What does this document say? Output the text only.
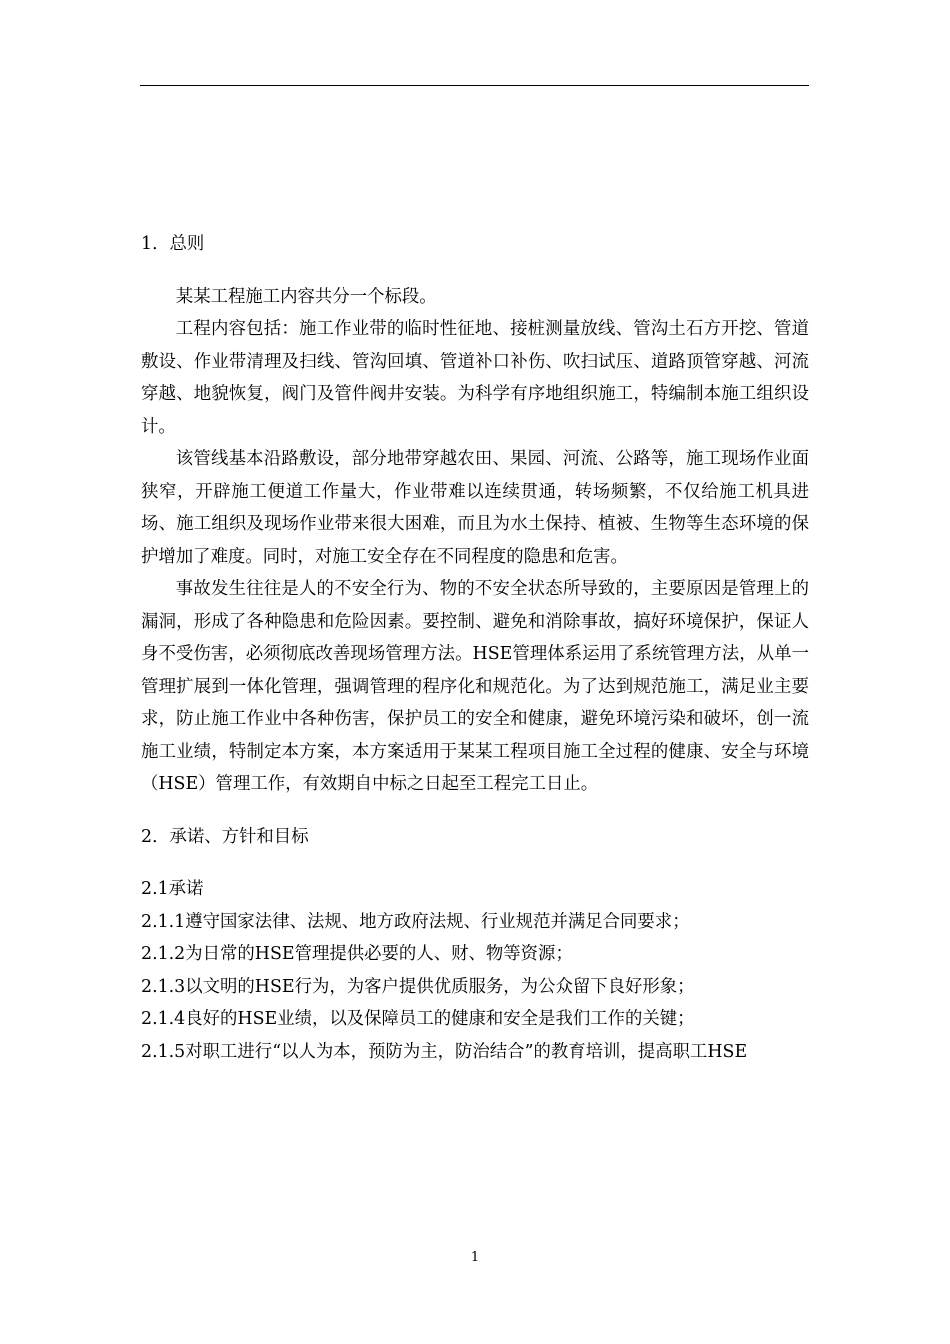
1．总则

某某工程施工内容共分一个标段。

工程内容包括：施工作业带的临时性征地、接桩测量放线、管沟土石方开挖、管道敷设、作业带清理及扫线、管沟回填、管道补口补伤、吹扫试压、道路顶管穿越、河流穿越、地貌恢复，阀门及管件阀井安装。为科学有序地组织施工，特编制本施工组织设计。

该管线基本沿路敷设，部分地带穿越农田、果园、河流、公路等，施工现场作业面狭窄，开辟施工便道工作量大，作业带难以连续贯通，转场频繁，不仅给施工机具进场、施工组织及现场作业带来很大困难，而且为水土保持、植被、生物等生态环境的保护增加了难度。同时，对施工安全存在不同程度的隐患和危害。

事故发生往往是人的不安全行为、物的不安全状态所导致的，主要原因是管理上的漏洞，形成了各种隐患和危险因素。要控制、避免和消除事故，搞好环境保护，保证人身不受伤害，必须彻底改善现场管理方法。HSE管理体系运用了系统管理方法，从单一管理扩展到一体化管理，强调管理的程序化和规范化。为了达到规范施工，满足业主要求，防止施工作业中各种伤害，保护员工的安全和健康，避免环境污染和破坏，创一流施工业绩，特制定本方案，本方案适用于某某工程项目施工全过程的健康、安全与环境（HSE）管理工作，有效期自中标之日起至工程完工日止。

2．承诺、方针和目标

2.1承诺

2.1.1遵守国家法律、法规、地方政府法规、行业规范并满足合同要求；

2.1.2为日常的HSE管理提供必要的人、财、物等资源；

2.1.3以文明的HSE行为，为客户提供优质服务，为公众留下良好形象；

2.1.4良好的HSE业绩，以及保障员工的健康和安全是我们工作的关键；

2.1.5对职工进行“以人为本，预防为主，防治结合”的教育培训，提高职工HSE

1
